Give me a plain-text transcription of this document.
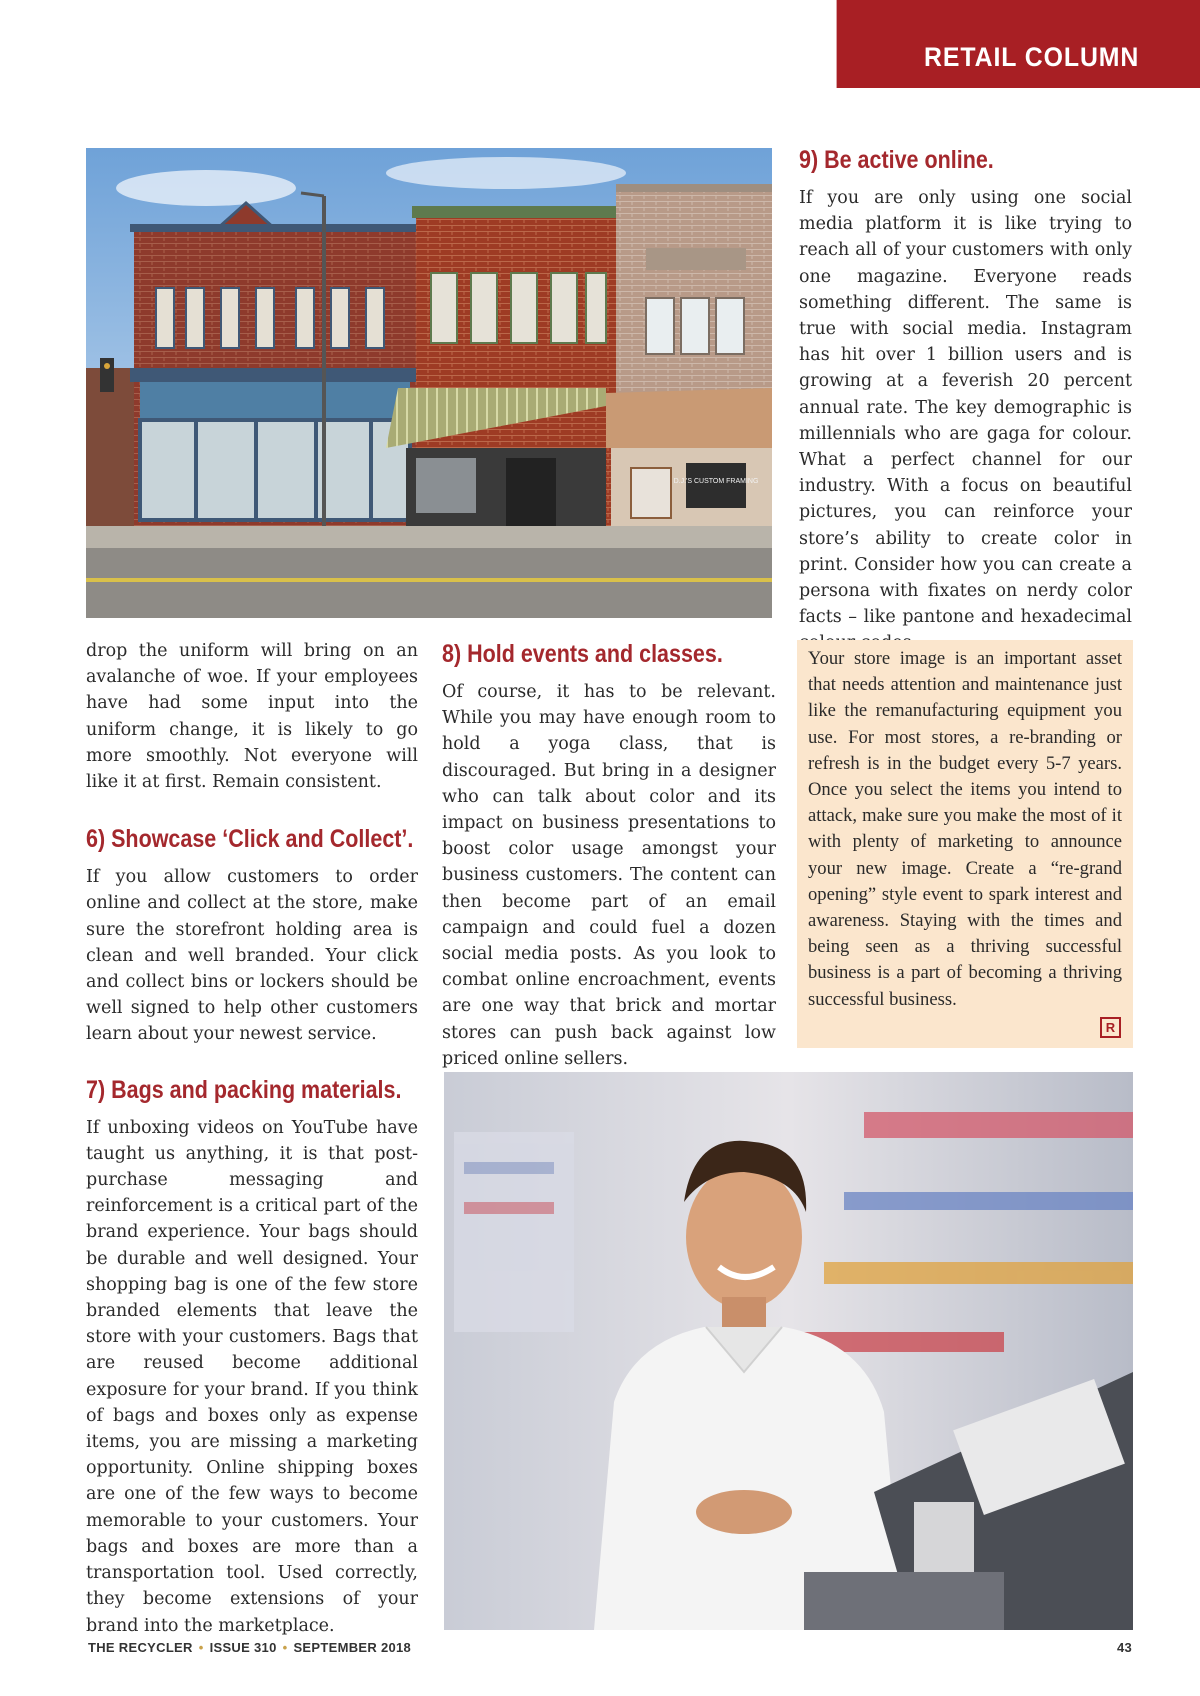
RETAIL COLUMN
D.J.'S CUSTOM FRAMING
9) Be active online.

If you are only using one social media platform it is like trying to reach all of your customers with only one magazine. Everyone reads something different. The same is true with social media. Instagram has hit over 1 billion users and is growing at a feverish 20 percent annual rate. The key demographic is millennials who are gaga for colour. What a perfect channel for our industry. With a focus on beautiful pictures, you can reinforce your store’s ability to create color in print. Consider how you can create a persona with fixates on nerdy color facts – like pantone and hexadecimal

drop the uniform will bring on an avalanche of woe. If your employees have had some input into the uniform change, it is likely to go more smoothly. Not everyone will like it at first. Remain consistent.

6) Showcase ‘Click and Collect’.

If you allow customers to order online and collect at the store, make sure the storefront holding area is clean and well branded. Your click and collect bins or lockers should be well signed to help other customers learn about your newest service.

7) Bags and packing materials.

If unboxing videos on YouTube have taught us anything, it is that post-purchase messaging and reinforcement is a critical part of the brand experience. Your bags should be durable and well designed. Your shopping bag is one of the few store branded elements that leave the store with your customers. Bags that are reused become additional exposure for your brand. If you think of bags and boxes only as expense items, you are missing a marketing opportunity. Online shipping boxes are one of the few ways to become memorable to your customers. Your bags and boxes are more than a transportation tool. Used correctly, they become extensions of your brand into the marketplace.

8) Hold events and classes.

Of course, it has to be relevant. While you may have enough room to hold a yoga class, that is discouraged. But bring in a designer who can talk about color and its impact on business presentations to boost color usage amongst your business customers. The content can then become part of an email campaign and could fuel a dozen social media posts. As you look to combat online encroachment, events are one way that brick and mortar stores can push back against low priced online sellers.

Your store image is an important asset that needs attention and maintenance just like the remanufacturing equipment you use. For most stores, a re-branding or refresh is in the budget every 5-7 years. Once you select the items you intend to attack, make sure you make the most of it with plenty of marketing to announce your new image. Create a “re-grand opening” style event to spark interest and awareness. Staying with the times and being seen as a thriving successful business is a part of becoming a thriving successful business.

R
THE RECYCLER • ISSUE 310 • SEPTEMBER 2018	43
